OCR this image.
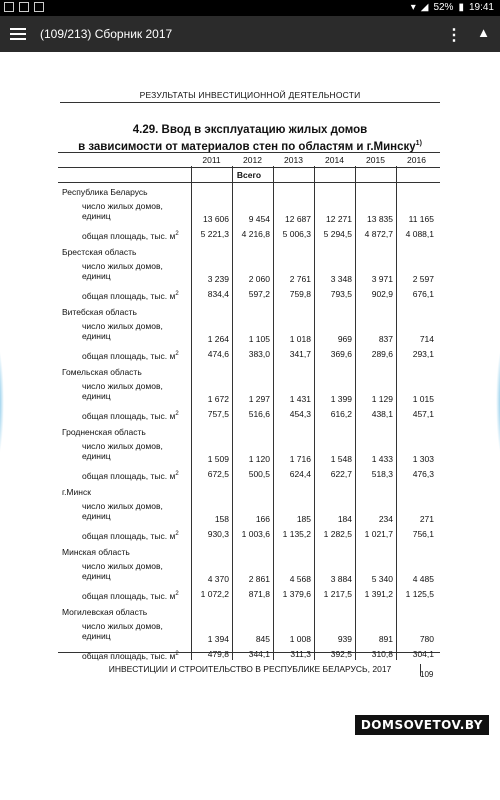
▾ ◢ 52% ▮ 19:41
(109/213) Сборник 2017	⋮ ▲
РЕЗУЛЬТАТЫ ИНВЕСТИЦИОННОЙ ДЕЯТЕЛЬНОСТИ
4.29. Ввод в эксплуатацию жилых домов
в зависимости от материалов стен по областям и г.Минску$^{1)}$
2011	2012	2013	2014	2015	2016
Всего
Республика Беларусь
число жилых домов,
единиц	13 606	9 454	12 687	12 271	13 835	11 165
общая площадь, тыс. $м^2$	5 221,3	4 216,8	5 006,3	5 294,5	4 872,7	4 088,1
Брестская область
число жилых домов,
единиц	3 239	2 060	2 761	3 348	3 971	2 597
общая площадь, тыс. $м^2$	834,4	597,2	759,8	793,5	902,9	676,1
Витебская область
число жилых домов,
единиц	1 264	1 105	1 018	969	837	714
общая площадь, тыс. $м^2$	474,6	383,0	341,7	369,6	289,6	293,1
Гомельская область
число жилых домов,
единиц	1 672	1 297	1 431	1 399	1 129	1 015
общая площадь, тыс. $м^2$	757,5	516,6	454,3	616,2	438,1	457,1
Гродненская область
число жилых домов,
единиц	1 509	1 120	1 716	1 548	1 433	1 303
общая площадь, тыс. $м^2$	672,5	500,5	624,4	622,7	518,3	476,3
г.Минск
число жилых домов,
единиц	158	166	185	184	234	271
общая площадь, тыс. $м^2$	930,3	1 003,6	1 135,2	1 282,5	1 021,7	756,1
Минская область
число жилых домов,
единиц	4 370	2 861	4 568	3 884	5 340	4 485
общая площадь, тыс. $м^2$	1 072,2	871,8	1 379,6	1 217,5	1 391,2	1 125,5
Могилевская область
число жилых домов,
единиц	1 394	845	1 008	939	891	780
общая площадь, тыс. $м^2$	479,8	344,1	311,3	392,5	310,8	304,1
ИНВЕСТИЦИИ И СТРОИТЕЛЬСТВО В РЕСПУБЛИКЕ БЕЛАРУСЬ, 2017
109
DOMSOVETOV.BY
